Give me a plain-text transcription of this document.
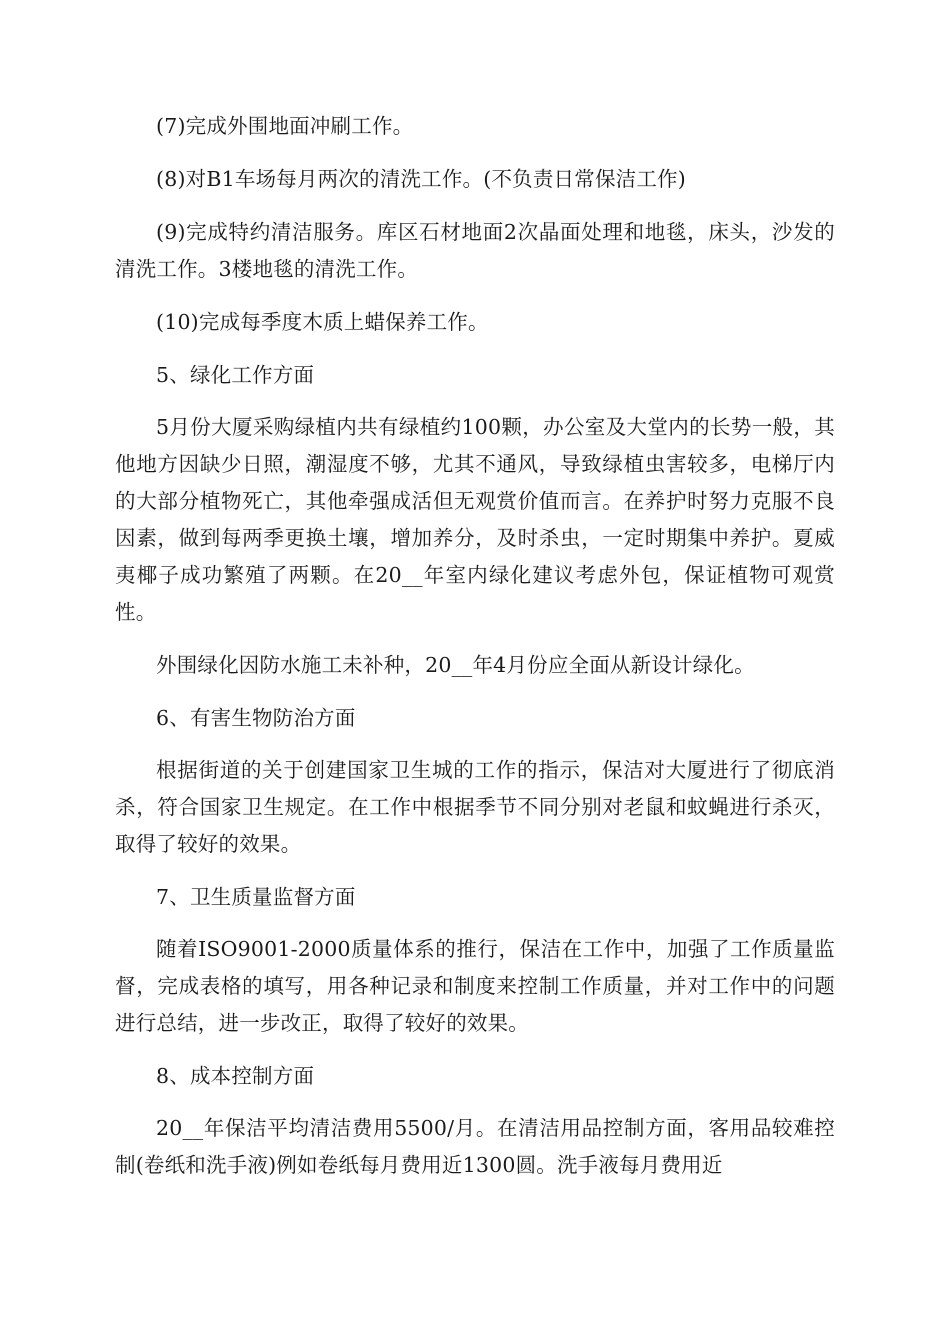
(7)完成外围地面冲刷工作。

(8)对B1车场每月两次的清洗工作。(不负责日常保洁工作)

(9)完成特约清洁服务。库区石材地面2次晶面处理和地毯，床头，沙发的清洗工作。3楼地毯的清洗工作。

(10)完成每季度木质上蜡保养工作。

5、绿化工作方面

5月份大厦采购绿植内共有绿植约100颗，办公室及大堂内的长势一般，其他地方因缺少日照，潮湿度不够，尤其不通风，导致绿植虫害较多，电梯厅内的大部分植物死亡，其他牵强成活但无观赏价值而言。在养护时努力克服不良因素，做到每两季更换土壤，增加养分，及时杀虫，一定时期集中养护。夏威夷椰子成功繁殖了两颗。在20__年室内绿化建议考虑外包，保证植物可观赏性。

外围绿化因防水施工未补种，20__年4月份应全面从新设计绿化。

6、有害生物防治方面

根据街道的关于创建国家卫生城的工作的指示，保洁对大厦进行了彻底消杀，符合国家卫生规定。在工作中根据季节不同分别对老鼠和蚊蝇进行杀灭，取得了较好的效果。

7、卫生质量监督方面

随着ISO9001-2000质量体系的推行，保洁在工作中，加强了工作质量监督，完成表格的填写，用各种记录和制度来控制工作质量，并对工作中的问题进行总结，进一步改正，取得了较好的效果。

8、成本控制方面

20__年保洁平均清洁费用5500/月。在清洁用品控制方面，客用品较难控制(卷纸和洗手液)例如卷纸每月费用近1300圆。洗手液每月费用近
